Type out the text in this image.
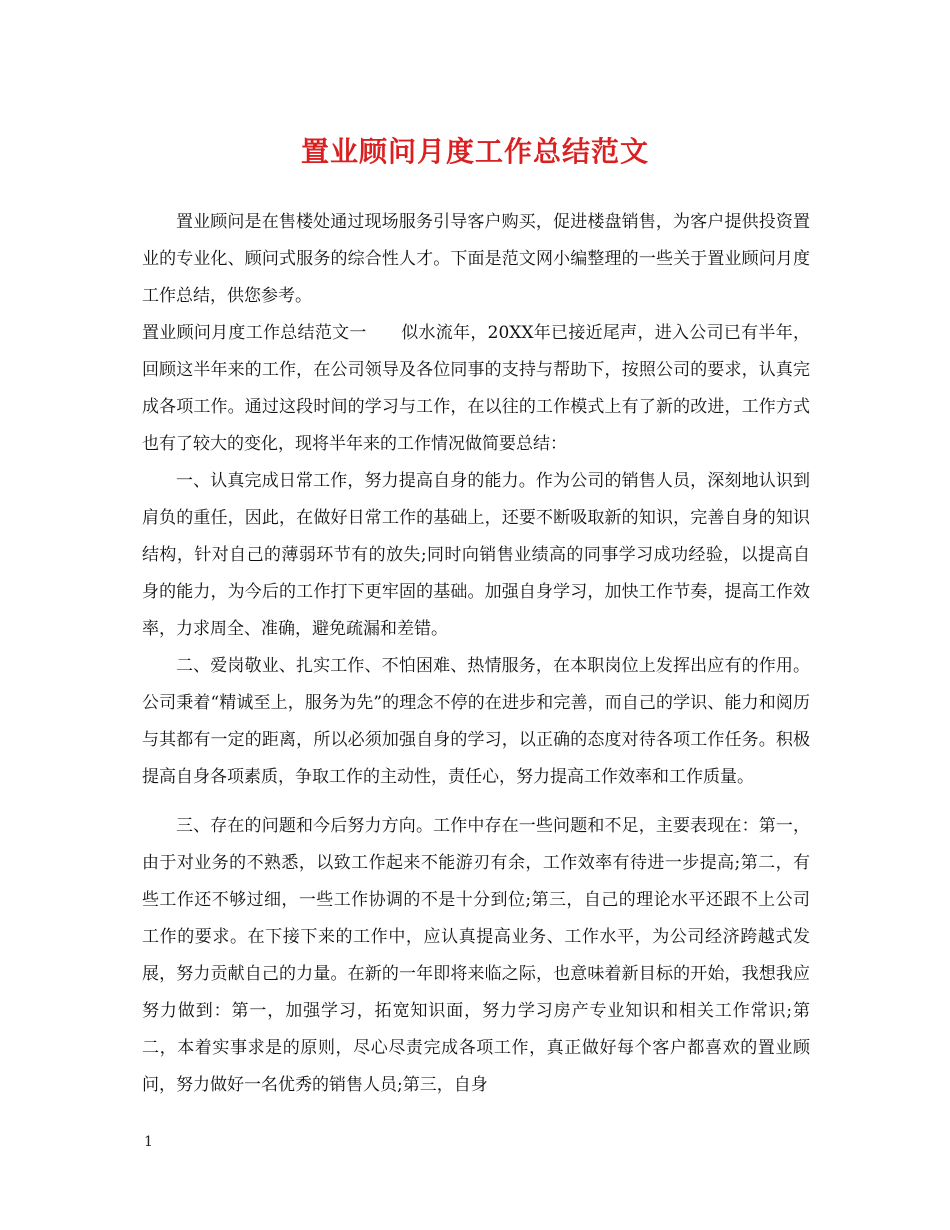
置业顾问月度工作总结范文

置业顾问是在售楼处通过现场服务引导客户购买，促进楼盘销售，为客户提供投资置业的专业化、顾问式服务的综合性人才。下面是范文网小编整理的一些关于置业顾问月度工作总结，供您参考。

置业顾问月度工作总结范文一　　似水流年，20XX年已接近尾声，进入公司已有半年，回顾这半年来的工作，在公司领导及各位同事的支持与帮助下，按照公司的要求，认真完成各项工作。通过这段时间的学习与工作，在以往的工作模式上有了新的改进，工作方式也有了较大的变化，现将半年来的工作情况做简要总结：

一、认真完成日常工作，努力提高自身的能力。作为公司的销售人员，深刻地认识到肩负的重任，因此，在做好日常工作的基础上，还要不断吸取新的知识，完善自身的知识结构，针对自己的薄弱环节有的放失;同时向销售业绩高的同事学习成功经验，以提高自身的能力，为今后的工作打下更牢固的基础。加强自身学习，加快工作节奏，提高工作效率，力求周全、准确，避免疏漏和差错。

二、爱岗敬业、扎实工作、不怕困难、热情服务，在本职岗位上发挥出应有的作用。公司秉着“精诚至上，服务为先”的理念不停的在进步和完善，而自己的学识、能力和阅历与其都有一定的距离，所以必须加强自身的学习，以正确的态度对待各项工作任务。积极提高自身各项素质，争取工作的主动性，责任心，努力提高工作效率和工作质量。

三、存在的问题和今后努力方向。工作中存在一些问题和不足，主要表现在：第一，由于对业务的不熟悉，以致工作起来不能游刃有余，工作效率有待进一步提高;第二，有些工作还不够过细，一些工作协调的不是十分到位;第三，自己的理论水平还跟不上公司工作的要求。在下接下来的工作中，应认真提高业务、工作水平，为公司经济跨越式发展，努力贡献自己的力量。在新的一年即将来临之际，也意味着新目标的开始，我想我应努力做到：第一，加强学习，拓宽知识面，努力学习房产专业知识和相关工作常识;第二，本着实事求是的原则，尽心尽责完成各项工作，真正做好每个客户都喜欢的置业顾问，努力做好一名优秀的销售人员;第三，自身

1
